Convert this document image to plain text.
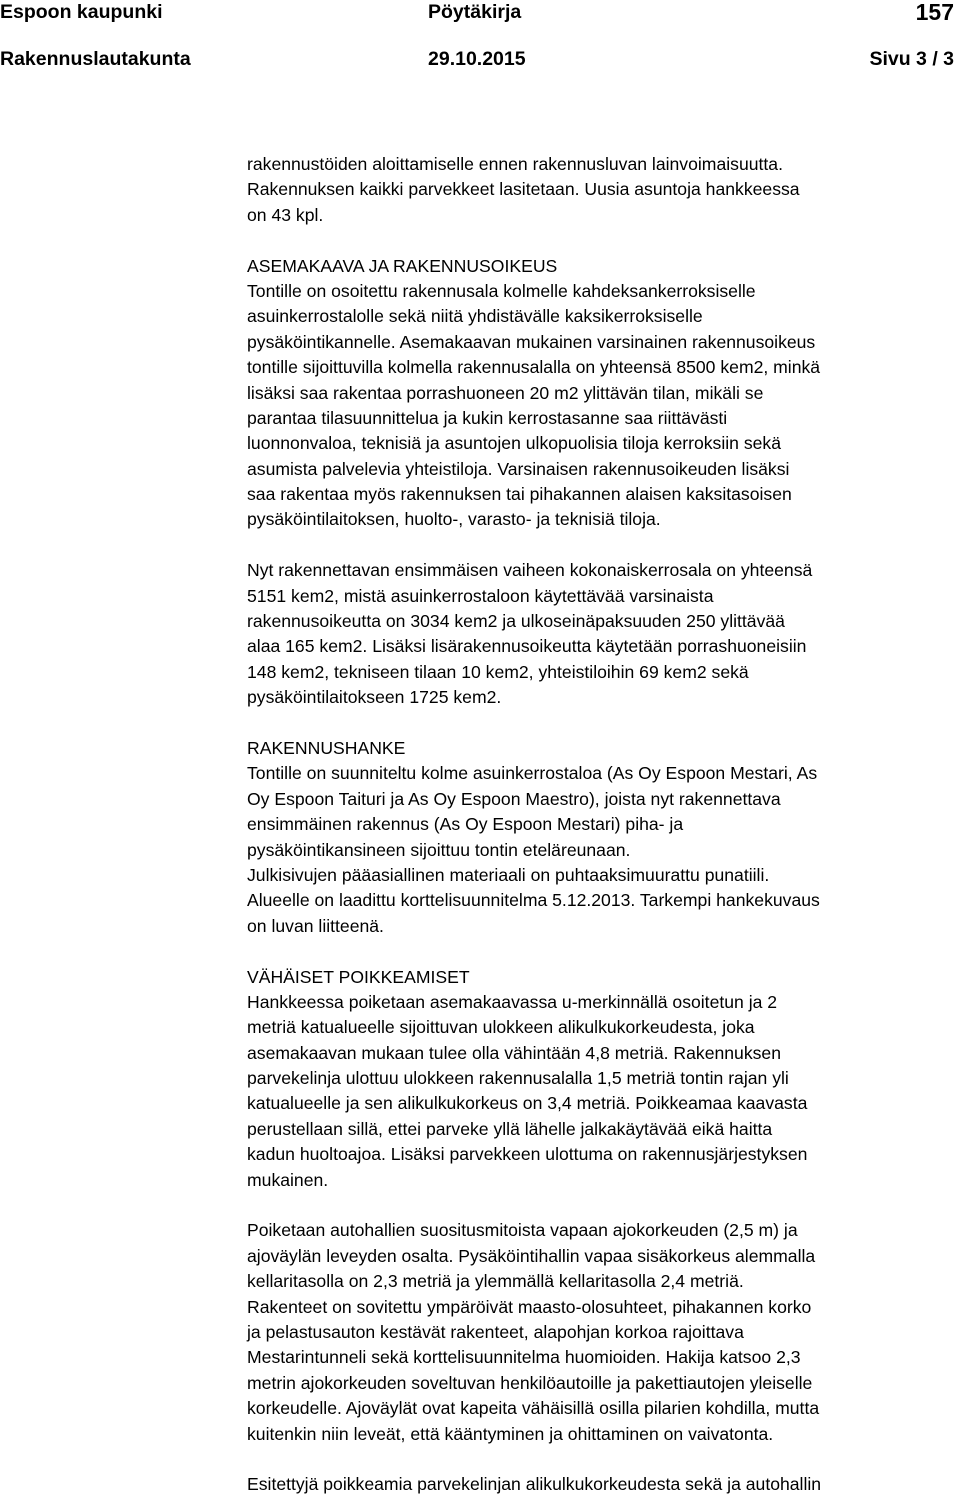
Espoon kaupunki	Pöytäkirja	157
Rakennuslautakunta	29.10.2015	Sivu 3 / 3
rakennustöiden aloittamiselle ennen rakennusluvan lainvoimaisuutta.
Rakennuksen kaikki parvekkeet lasitetaan. Uusia asuntoja hankkeessa
on 43 kpl.
ASEMAKAAVA JA RAKENNUSOIKEUS
Tontille on osoitettu rakennusala kolmelle kahdeksankerroksiselle
asuinkerrostalolle sekä niitä yhdistävälle kaksikerroksiselle
pysäköintikannelle. Asemakaavan mukainen varsinainen rakennusoikeus
tontille sijoittuvilla kolmella rakennusalalla on yhteensä 8500 kem2, minkä
lisäksi saa rakentaa porrashuoneen 20 m2 ylittävän tilan, mikäli se
parantaa tilasuunnittelua ja kukin kerrostasanne saa riittävästi
luonnonvaloa, teknisiä ja asuntojen ulkopuolisia tiloja kerroksiin sekä
asumista palvelevia yhteistiloja. Varsinaisen rakennusoikeuden lisäksi
saa rakentaa myös rakennuksen tai pihakannen alaisen kaksitasoisen
pysäköintilaitoksen, huolto-, varasto- ja teknisiä tiloja.
Nyt rakennettavan ensimmäisen vaiheen kokonaiskerrosala on yhteensä
5151 kem2, mistä asuinkerrostaloon käytettävää varsinaista
rakennusoikeutta on 3034 kem2 ja ulkoseinäpaksuuden 250 ylittävää
alaa 165 kem2. Lisäksi lisärakennusoikeutta käytetään porrashuoneisiin
148 kem2, tekniseen tilaan 10 kem2, yhteistiloihin 69 kem2 sekä
pysäköintilaitokseen 1725 kem2.
RAKENNUSHANKE
Tontille on suunniteltu kolme asuinkerrostaloa (As Oy Espoon Mestari, As
Oy Espoon Taituri ja As Oy Espoon Maestro), joista nyt rakennettava
ensimmäinen rakennus (As Oy Espoon Mestari) piha- ja
pysäköintikansineen sijoittuu tontin eteläreunaan.
Julkisivujen pääasiallinen materiaali on puhtaaksimuurattu punatiili.
Alueelle on laadittu korttelisuunnitelma 5.12.2013. Tarkempi hankekuvaus
on luvan liitteenä.
VÄHÄISET POIKKEAMISET
Hankkeessa poiketaan asemakaavassa u-merkinnällä osoitetun ja 2
metriä katualueelle sijoittuvan ulokkeen alikulkukorkeudesta, joka
asemakaavan mukaan tulee olla vähintään 4,8 metriä. Rakennuksen
parvekelinja ulottuu ulokkeen rakennusalalla 1,5 metriä tontin rajan yli
katualueelle ja sen alikulkukorkeus on 3,4 metriä. Poikkeamaa kaavasta
perustellaan sillä, ettei parveke yllä lähelle jalkakäytävää eikä haitta
kadun huoltoajoa. Lisäksi parvekkeen ulottuma on rakennusjärjestyksen
mukainen.
Poiketaan autohallien suositusmitoista vapaan ajokorkeuden (2,5 m) ja
ajoväylän leveyden osalta. Pysäköintihallin vapaa sisäkorkeus alemmalla
kellaritasolla on 2,3 metriä ja ylemmällä kellaritasolla 2,4 metriä.
Rakenteet on sovitettu ympäröivät maasto-olosuhteet, pihakannen korko
ja pelastusauton kestävät rakenteet, alapohjan korkoa rajoittava
Mestarintunneli sekä korttelisuunnitelma huomioiden. Hakija katsoo 2,3
metrin ajokorkeuden soveltuvan henkilöautoille ja pakettiautojen yleiselle
korkeudelle. Ajoväylät ovat kapeita vähäisillä osilla pilarien kohdilla, mutta
kuitenkin niin leveät, että kääntyminen ja ohittaminen on vaivatonta.
Esitettyjä poikkeamia parvekelinjan alikulkukorkeudesta sekä ja autohallin
